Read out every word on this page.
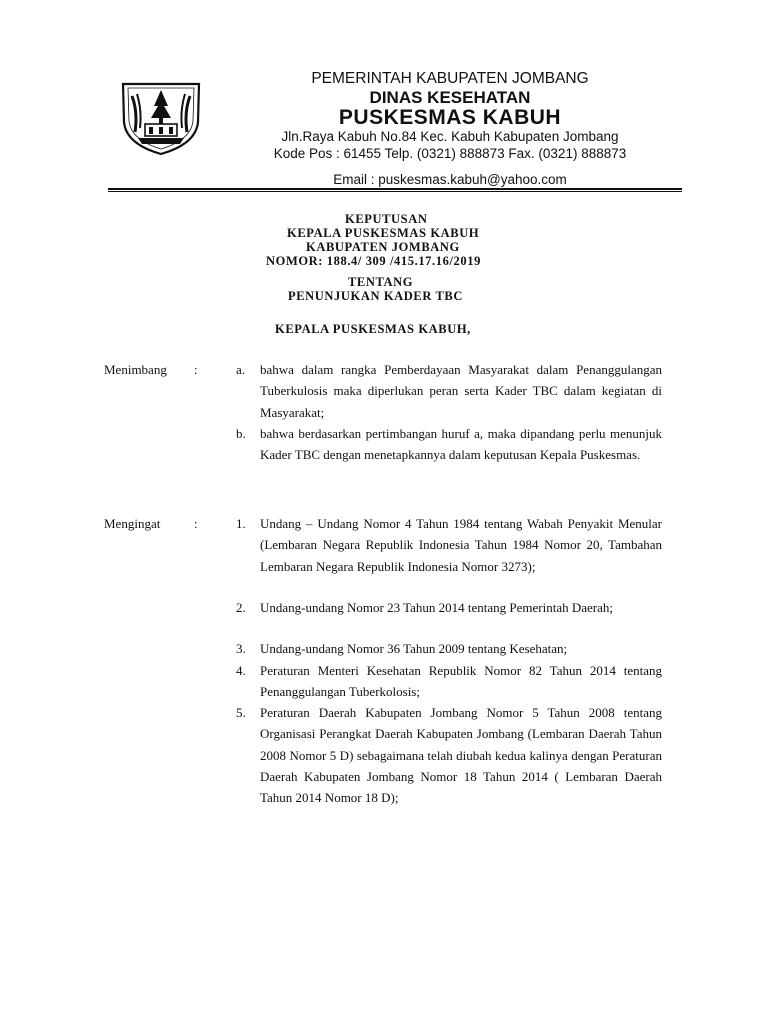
PEMERINTAH KABUPATEN JOMBANG
DINAS KESEHATAN
PUSKESMAS KABUH
Jln.Raya Kabuh No.84 Kec. Kabuh Kabupaten Jombang
Kode Pos : 61455 Telp. (0321) 888873 Fax. (0321) 888873
Email : puskesmas.kabuh@yahoo.com
KEPUTUSAN
KEPALA PUSKESMAS KABUH
KABUPATEN JOMBANG
NOMOR: 188.4/ 309 /415.17.16/2019
TENTANG
PENUNJUKAN KADER TBC
KEPALA PUSKESMAS KABUH,
Menimbang :	a. bahwa dalam rangka Pemberdayaan Masyarakat dalam Penanggulangan Tuberkulosis maka diperlukan peran serta Kader TBC dalam kegiatan di Masyarakat;
b. bahwa berdasarkan pertimbangan huruf a, maka dipandang perlu menunjuk Kader TBC dengan menetapkannya dalam keputusan Kepala Puskesmas.
Mengingat	:	1. Undang – Undang Nomor 4 Tahun 1984 tentang Wabah Penyakit Menular (Lembaran Negara Republik Indonesia Tahun 1984 Nomor 20, Tambahan Lembaran Negara Republik Indonesia Nomor 3273);
2. Undang-undang Nomor 23 Tahun 2014 tentang Pemerintah Daerah;
3. Undang-undang Nomor 36 Tahun 2009 tentang Kesehatan;
4. Peraturan Menteri Kesehatan Republik Nomor 82 Tahun 2014 tentang Penanggulangan Tuberkolosis;
5. Peraturan Daerah Kabupaten Jombang Nomor 5 Tahun 2008 tentang Organisasi Perangkat Daerah Kabupaten Jombang (Lembaran Daerah Tahun 2008 Nomor 5 D) sebagaimana telah diubah kedua kalinya dengan Peraturan Daerah Kabupaten Jombang Nomor 18 Tahun 2014 ( Lembaran Daerah Tahun 2014 Nomor 18 D);
